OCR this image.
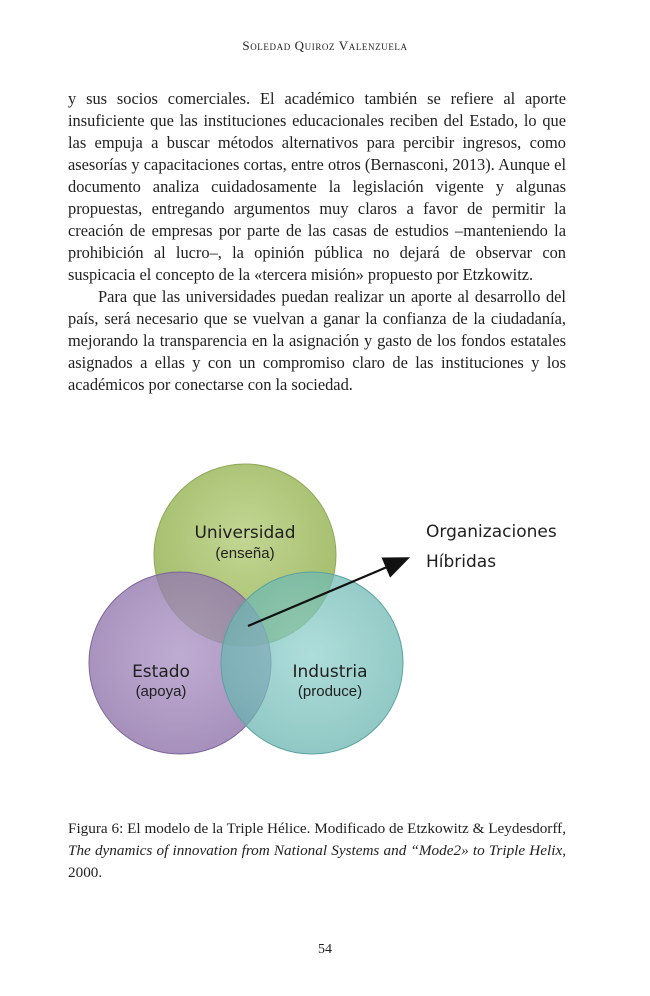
Soledad Quiroz Valenzuela

y sus socios comerciales. El académico también se refiere al aporte insuficiente que las instituciones educacionales reciben del Estado, lo que las empuja a buscar métodos alternativos para percibir ingresos, como asesorías y capacitaciones cortas, entre otros (Bernasconi, 2013). Aunque el documento analiza cuidadosamente la legislación vigente y algunas propuestas, entregando argumentos muy claros a favor de permitir la creación de empresas por parte de las casas de estudios –manteniendo la prohibición al lucro–, la opinión pública no dejará de observar con suspicacia el concepto de la «tercera misión» propuesto por Etzkowitz.

Para que las universidades puedan realizar un aporte al desarrollo del país, será necesario que se vuelvan a ganar la confianza de la ciudadanía, mejorando la transparencia en la asignación y gasto de los fondos estatales asignados a ellas y con un compromiso claro de las instituciones y los académicos por conectarse con la sociedad.

Universidad
(enseña)
Estado
(apoya)
Industria
(produce)
Organizaciones
Híbridas
Figura 6: El modelo de la Triple Hélice. Modificado de Etzkowitz & Leydesdorff, The dynamics of innovation from National Systems and “Mode2» to Triple Helix, 2000.
54
